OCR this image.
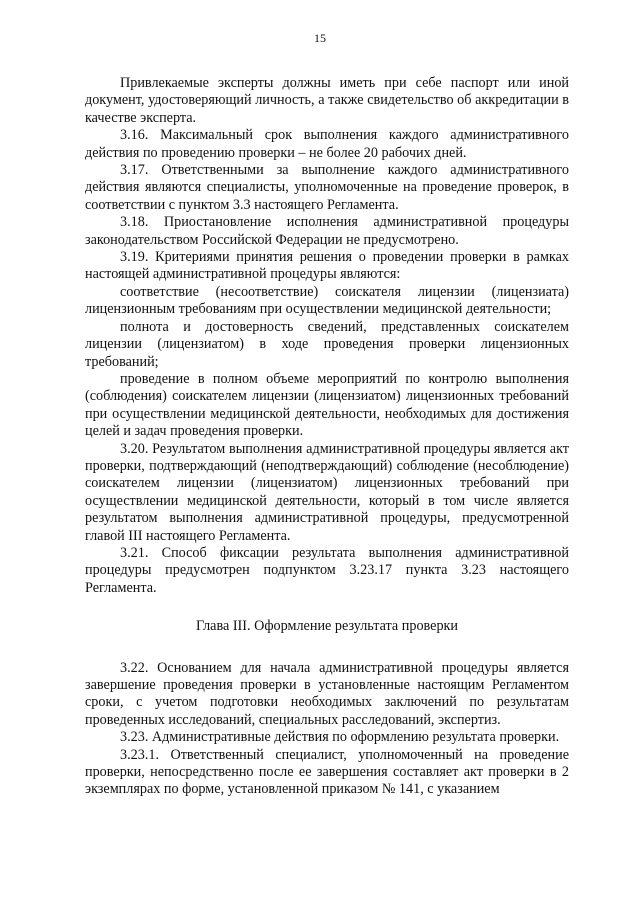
15

Привлекаемые эксперты должны иметь при себе паспорт или иной документ, удостоверяющий личность, а также свидетельство об аккредитации в качестве эксперта.

3.16. Максимальный срок выполнения каждого административного действия по проведению проверки – не более 20 рабочих дней.

3.17. Ответственными за выполнение каждого административного действия являются специалисты, уполномоченные на проведение проверок, в соответствии с пунктом 3.3 настоящего Регламента.

3.18. Приостановление исполнения административной процедуры законодательством Российской Федерации не предусмотрено.

3.19. Критериями принятия решения о проведении проверки в рамках настоящей административной процедуры являются:

соответствие (несоответствие) соискателя лицензии (лицензиата) лицензионным требованиям при осуществлении медицинской деятельности;

полнота и достоверность сведений, представленных соискателем лицензии (лицензиатом) в ходе проведения проверки лицензионных требований;

проведение в полном объеме мероприятий по контролю выполнения (соблюдения) соискателем лицензии (лицензиатом) лицензионных требований при осуществлении медицинской деятельности, необходимых для достижения целей и задач проведения проверки.

3.20. Результатом выполнения административной процедуры является акт проверки, подтверждающий (неподтверждающий) соблюдение (несоблюдение) соискателем лицензии (лицензиатом) лицензионных требований при осуществлении медицинской деятельности, который в том числе является результатом выполнения административной процедуры, предусмотренной главой III настоящего Регламента.

3.21. Способ фиксации результата выполнения административной процедуры предусмотрен подпунктом 3.23.17 пункта 3.23 настоящего Регламента.

Глава III. Оформление результата проверки

3.22. Основанием для начала административной процедуры является завершение проведения проверки в установленные настоящим Регламентом сроки, с учетом подготовки необходимых заключений по результатам проведенных исследований, специальных расследований, экспертиз.

3.23. Административные действия по оформлению результата проверки.

3.23.1. Ответственный специалист, уполномоченный на проведение проверки, непосредственно после ее завершения составляет акт проверки в 2 экземплярах по форме, установленной приказом № 141, с указанием
